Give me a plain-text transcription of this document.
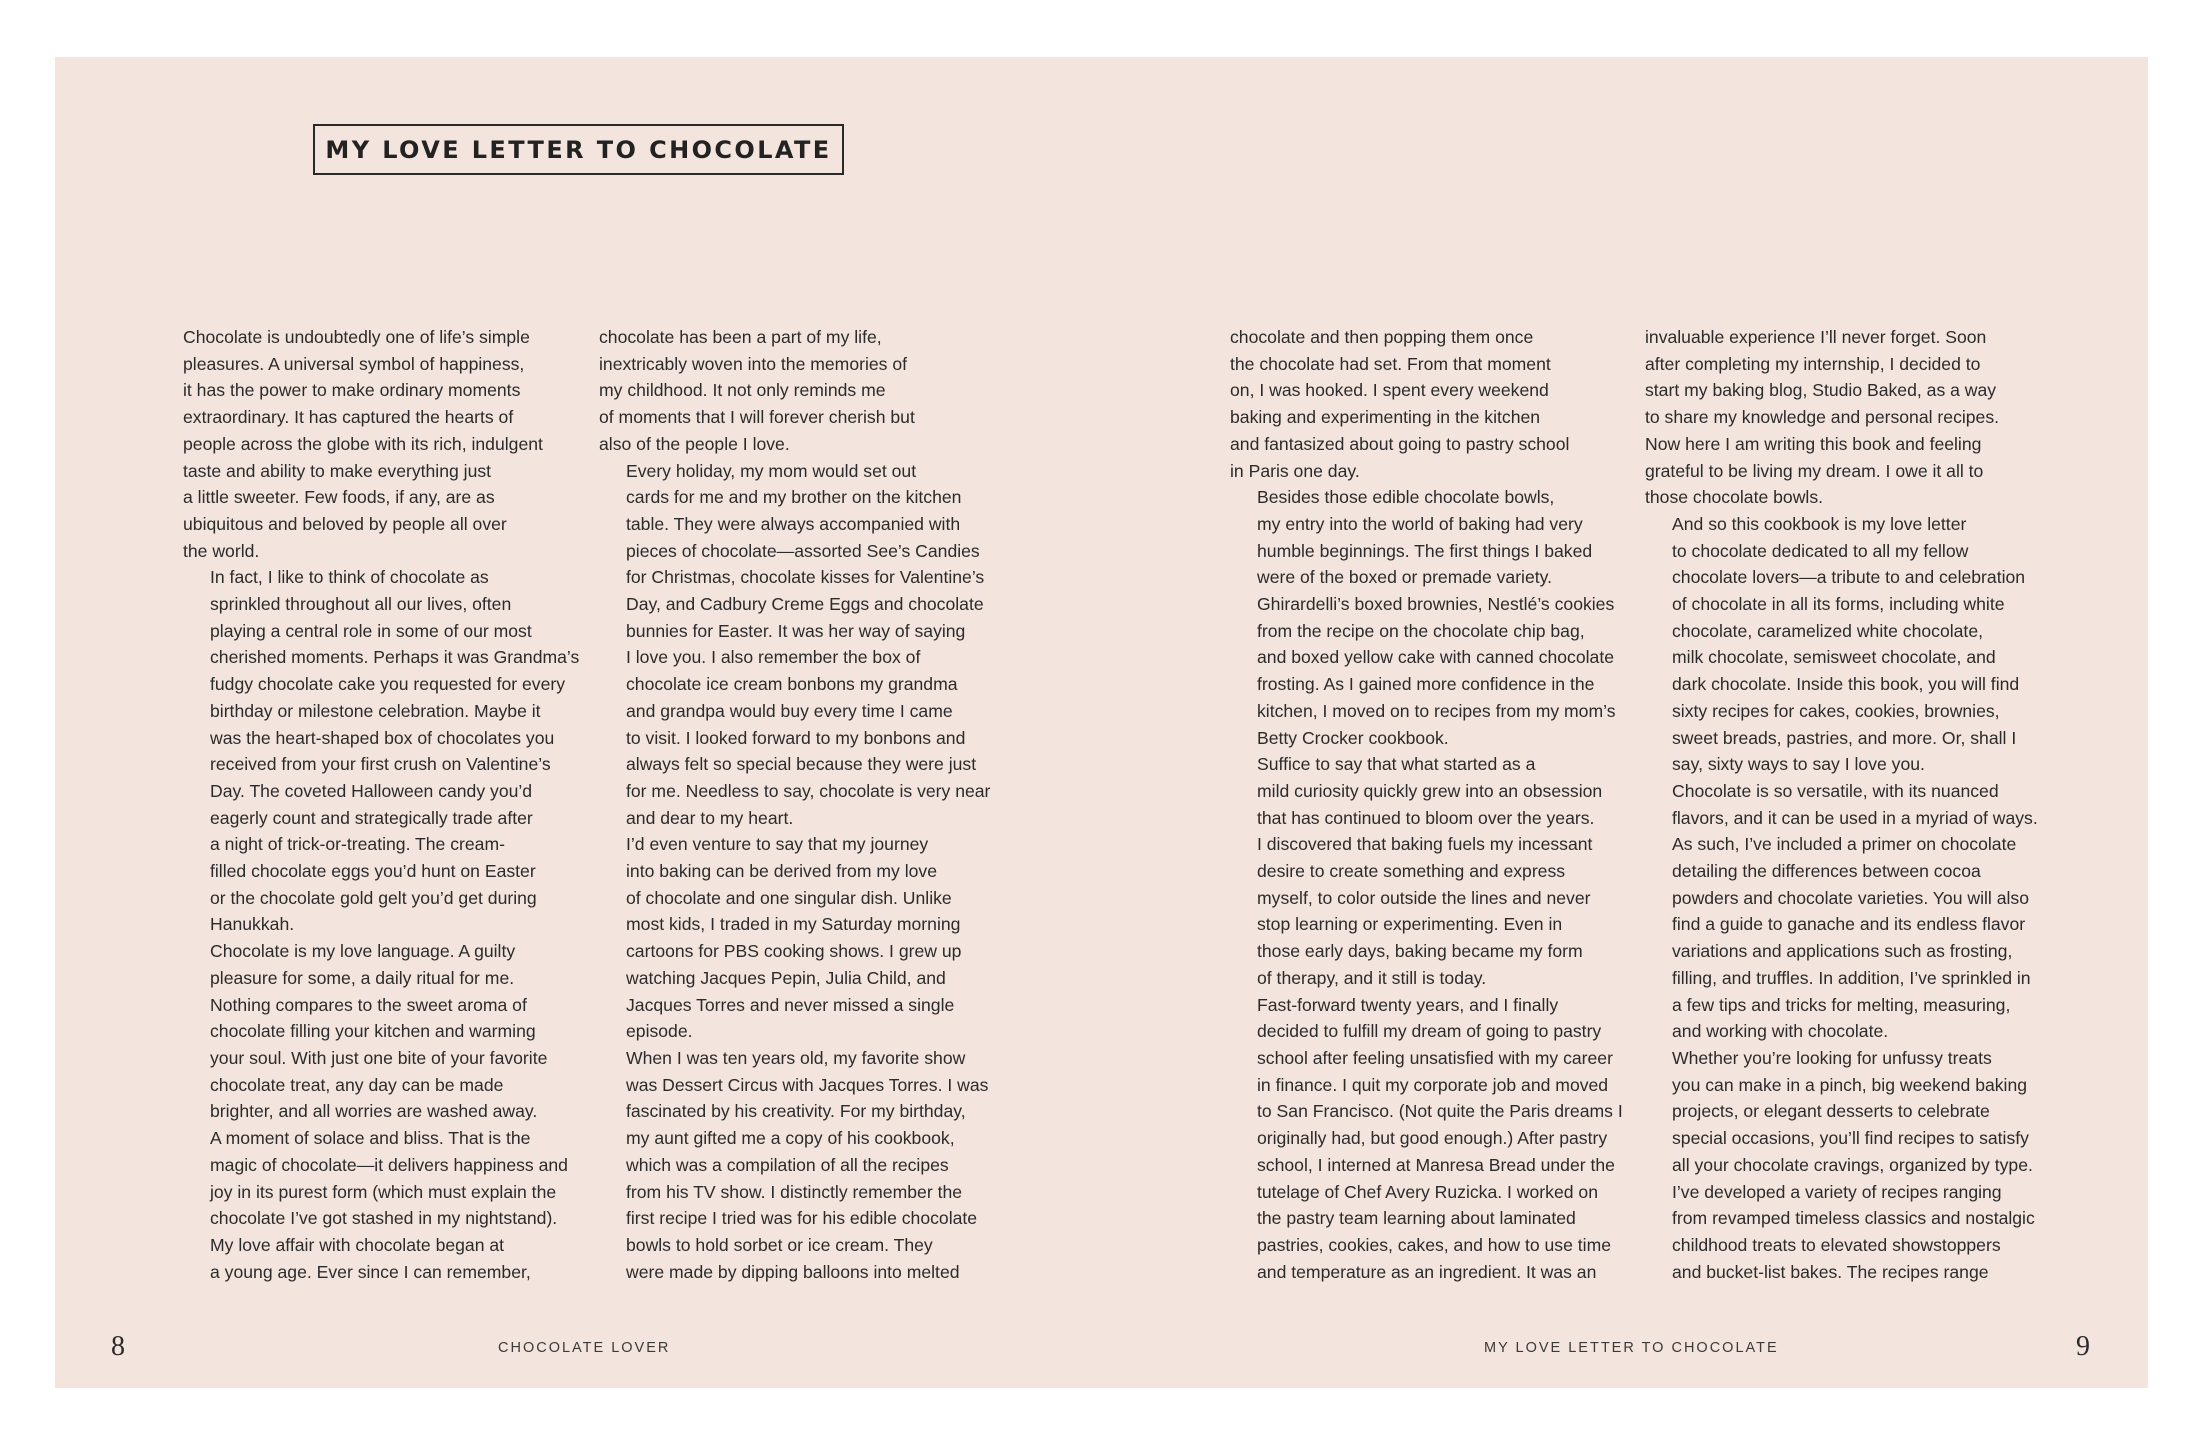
MY LOVE LETTER TO CHOCOLATE

Chocolate is undoubtedly one of life’s simple
pleasures. A universal symbol of happiness,
it has the power to make ordinary moments
extraordinary. It has captured the hearts of
people across the globe with its rich, indulgent
taste and ability to make everything just
a little sweeter. Few foods, if any, are as
ubiquitous and beloved by people all over
the world.

In fact, I like to think of chocolate as
sprinkled throughout all our lives, often
playing a central role in some of our most
cherished moments. Perhaps it was Grandma’s
fudgy chocolate cake you requested for every
birthday or milestone celebration. Maybe it
was the heart-shaped box of chocolates you
received from your first crush on Valentine’s
Day. The coveted Halloween candy you’d
eagerly count and strategically trade after
a night of trick-or-treating. The cream-
filled chocolate eggs you’d hunt on Easter
or the chocolate gold gelt you’d get during
Hanukkah.

Chocolate is my love language. A guilty
pleasure for some, a daily ritual for me.
Nothing compares to the sweet aroma of
chocolate filling your kitchen and warming
your soul. With just one bite of your favorite
chocolate treat, any day can be made
brighter, and all worries are washed away.
A moment of solace and bliss. That is the
magic of chocolate—it delivers happiness and
joy in its purest form (which must explain the
chocolate I’ve got stashed in my nightstand).

My love affair with chocolate began at
a young age. Ever since I can remember,

chocolate has been a part of my life,
inextricably woven into the memories of
my childhood. It not only reminds me
of moments that I will forever cherish but
also of the people I love.

Every holiday, my mom would set out
cards for me and my brother on the kitchen
table. They were always accompanied with
pieces of chocolate—assorted See’s Candies
for Christmas, chocolate kisses for Valentine’s
Day, and Cadbury Creme Eggs and chocolate
bunnies for Easter. It was her way of saying
I love you. I also remember the box of
chocolate ice cream bonbons my grandma
and grandpa would buy every time I came
to visit. I looked forward to my bonbons and
always felt so special because they were just
for me. Needless to say, chocolate is very near
and dear to my heart.

I’d even venture to say that my journey
into baking can be derived from my love
of chocolate and one singular dish. Unlike
most kids, I traded in my Saturday morning
cartoons for PBS cooking shows. I grew up
watching Jacques Pepin, Julia Child, and
Jacques Torres and never missed a single
episode.

When I was ten years old, my favorite show
was Dessert Circus with Jacques Torres. I was
fascinated by his creativity. For my birthday,
my aunt gifted me a copy of his cookbook,
which was a compilation of all the recipes
from his TV show. I distinctly remember the
first recipe I tried was for his edible chocolate
bowls to hold sorbet or ice cream. They
were made by dipping balloons into melted

chocolate and then popping them once
the chocolate had set. From that moment
on, I was hooked. I spent every weekend
baking and experimenting in the kitchen
and fantasized about going to pastry school
in Paris one day.

Besides those edible chocolate bowls,
my entry into the world of baking had very
humble beginnings. The first things I baked
were of the boxed or premade variety.
Ghirardelli’s boxed brownies, Nestlé’s cookies
from the recipe on the chocolate chip bag,
and boxed yellow cake with canned chocolate
frosting. As I gained more confidence in the
kitchen, I moved on to recipes from my mom’s
Betty Crocker cookbook.

Suffice to say that what started as a
mild curiosity quickly grew into an obsession
that has continued to bloom over the years.
I discovered that baking fuels my incessant
desire to create something and express
myself, to color outside the lines and never
stop learning or experimenting. Even in
those early days, baking became my form
of therapy, and it still is today.

Fast-forward twenty years, and I finally
decided to fulfill my dream of going to pastry
school after feeling unsatisfied with my career
in finance. I quit my corporate job and moved
to San Francisco. (Not quite the Paris dreams I
originally had, but good enough.) After pastry
school, I interned at Manresa Bread under the
tutelage of Chef Avery Ruzicka. I worked on
the pastry team learning about laminated
pastries, cookies, cakes, and how to use time
and temperature as an ingredient. It was an

invaluable experience I’ll never forget. Soon
after completing my internship, I decided to
start my baking blog, Studio Baked, as a way
to share my knowledge and personal recipes.
Now here I am writing this book and feeling
grateful to be living my dream. I owe it all to
those chocolate bowls.

And so this cookbook is my love letter
to chocolate dedicated to all my fellow
chocolate lovers—a tribute to and celebration
of chocolate in all its forms, including white
chocolate, caramelized white chocolate,
milk chocolate, semisweet chocolate, and
dark chocolate. Inside this book, you will find
sixty recipes for cakes, cookies, brownies,
sweet breads, pastries, and more. Or, shall I
say, sixty ways to say I love you.

Chocolate is so versatile, with its nuanced
flavors, and it can be used in a myriad of ways.
As such, I’ve included a primer on chocolate
detailing the differences between cocoa
powders and chocolate varieties. You will also
find a guide to ganache and its endless flavor
variations and applications such as frosting,
filling, and truffles. In addition, I’ve sprinkled in
a few tips and tricks for melting, measuring,
and working with chocolate.

Whether you’re looking for unfussy treats
you can make in a pinch, big weekend baking
projects, or elegant desserts to celebrate
special occasions, you’ll find recipes to satisfy
all your chocolate cravings, organized by type.
I’ve developed a variety of recipes ranging
from revamped timeless classics and nostalgic
childhood treats to elevated showstoppers
and bucket-list bakes. The recipes range

8	CHOCOLATE LOVER	MY LOVE LETTER TO CHOCOLATE	9
